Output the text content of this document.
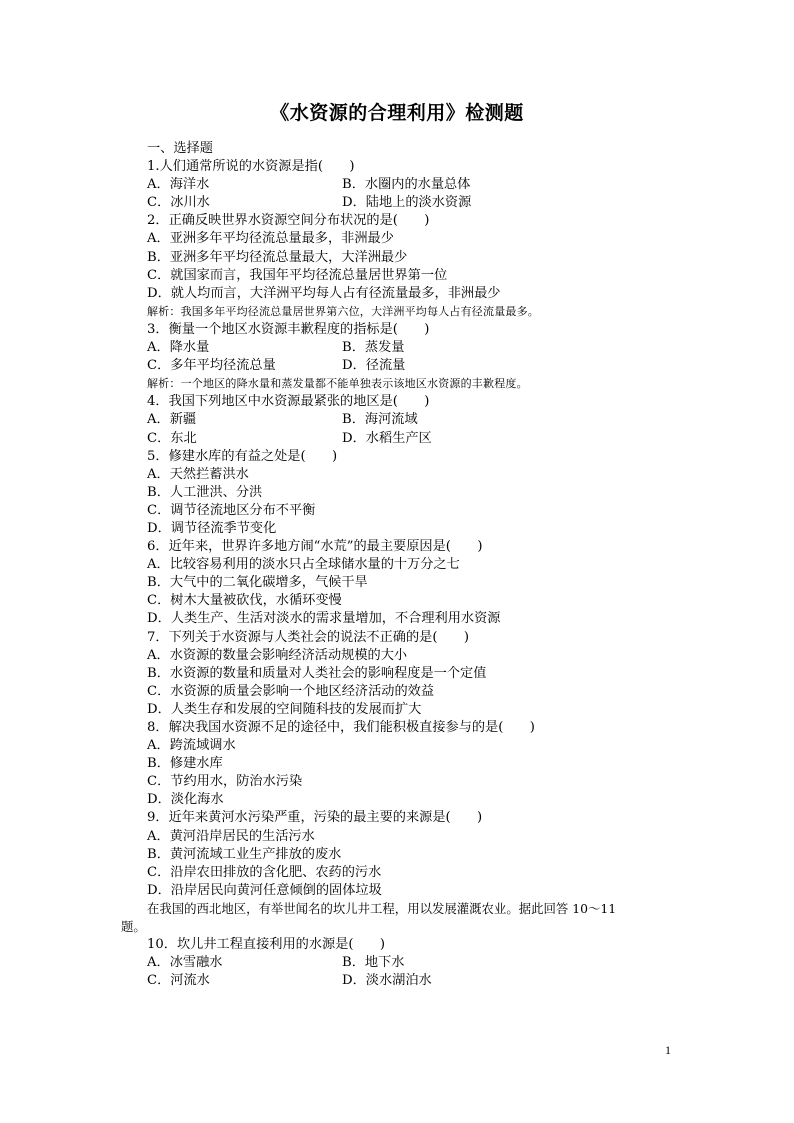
《水资源的合理利用》检测题
一、选择题
1.人们通常所说的水资源是指(　　)
A．海洋水	B．水圈内的水量总体
C．冰川水	D．陆地上的淡水资源
2．正确反映世界水资源空间分布状况的是(　　)
A．亚洲多年平均径流总量最多，非洲最少
B．亚洲多年平均径流总量最大，大洋洲最少
C．就国家而言，我国年平均径流总量居世界第一位
D．就人均而言，大洋洲平均每人占有径流量最多，非洲最少
解析：我国多年平均径流总量居世界第六位，大洋洲平均每人占有径流量最多。
3．衡量一个地区水资源丰歉程度的指标是(　　)
A．降水量	B．蒸发量
C．多年平均径流总量	D．径流量
解析：一个地区的降水量和蒸发量都不能单独表示该地区水资源的丰歉程度。
4．我国下列地区中水资源最紧张的地区是(　　)
A．新疆	B．海河流域
C．东北	D．水稻生产区
5．修建水库的有益之处是(　　)
A．天然拦蓄洪水
B．人工泄洪、分洪
C．调节径流地区分布不平衡
D．调节径流季节变化
6．近年来，世界许多地方闹“水荒”的最主要原因是(　　)
A．比较容易利用的淡水只占全球储水量的十万分之七
B．大气中的二氧化碳增多，气候干旱
C．树木大量被砍伐，水循环变慢
D．人类生产、生活对淡水的需求量增加，不合理利用水资源
7．下列关于水资源与人类社会的说法不正确的是(　　)
A．水资源的数量会影响经济活动规模的大小
B．水资源的数量和质量对人类社会的影响程度是一个定值
C．水资源的质量会影响一个地区经济活动的效益
D．人类生存和发展的空间随科技的发展而扩大
8．解决我国水资源不足的途径中，我们能积极直接参与的是(　　)
A．跨流域调水
B．修建水库
C．节约用水，防治水污染
D．淡化海水
9．近年来黄河水污染严重，污染的最主要的来源是(　　)
A．黄河沿岸居民的生活污水
B．黄河流域工业生产排放的废水
C．沿岸农田排放的含化肥、农药的污水
D．沿岸居民向黄河任意倾倒的固体垃圾
在我国的西北地区，有举世闻名的坎儿井工程，用以发展灌溉农业。据此回答 10～11
题。
10．坎儿井工程直接利用的水源是(　　)
A．冰雪融水	B．地下水
C．河流水	D．淡水湖泊水
1
